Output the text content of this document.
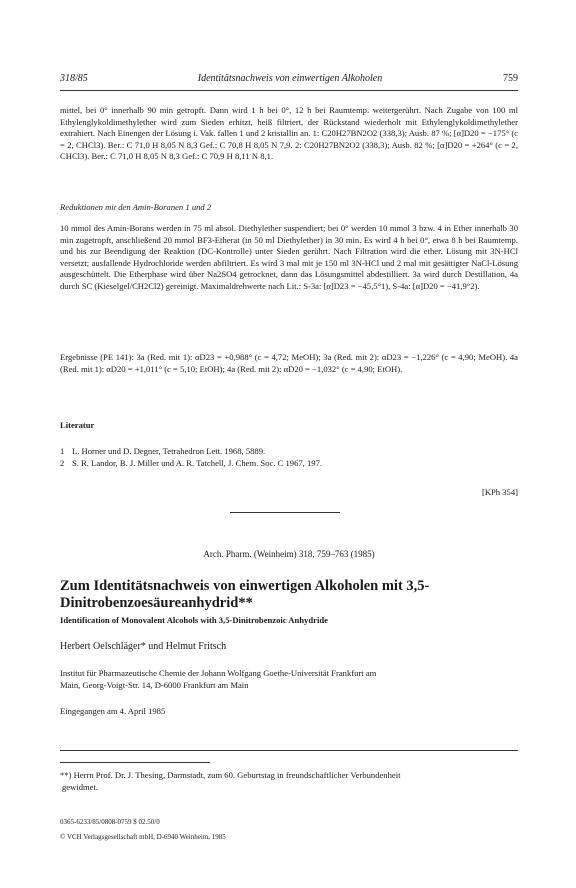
318/85	Identitätsnachweis von einwertigen Alkoholen	759

mittel, bei 0° innerhalb 90 min getropft. Dann wird 1 h bei 0°, 12 h bei Raumtemp. weitergerührt. Nach Zugabe von 100 ml Ethylenglykoldimethylether wird zum Sieden erhitzt, heiß filtriert, der Rückstand wiederholt mit Ethylenglykoldimethylether extrahiert. Nach Einengen der Lösung i. Vak. fallen 1 und 2 kristallin an. 1: C20H27BN2O2 (338,3); Ausb. 87 %; [α]D20 = −175° (c = 2, CHCl3). Ber.: C 71,0 H 8,05 N 8,3 Gef.: C 70,8 H 8,05 N 7,9. 2: C20H27BN2O2 (338,3); Ausb. 82 %; [α]D20 = +264° (c = 2, CHCl3). Ber.: C 71,0 H 8,05 N 8,3 Gef.: C 70,9 H 8,11 N 8,1.

Reduktionen mit den Amin-Boranen 1 und 2

10 mmol des Amin-Borans werden in 75 ml absol. Diethylether suspendiert; bei 0° werden 10 mmol 3 bzw. 4 in Ether innerhalb 30 min zugetropft, anschließend 20 mmol BF3-Etherat (in 50 ml Diethylether) in 30 min. Es wird 4 h bei 0°, etwa 8 h bei Raumtemp. und bis zur Beendigung der Reaktion (DC-Kontrolle) unter Sieden gerührt. Nach Filtration wird die ether. Lösung mit 3N-HCl versetzt; ausfallende Hydrochloride werden abfiltriert. Es wird 3 mal mit je 150 ml 3N-HCl und 2 mal mit gesättigter NaCl-Lösung ausgeschüttelt. Die Etherphase wird über Na2SO4 getrocknet, dann das Lösungsmittel abdestilliert. 3a wird durch Destillation, 4a durch SC (Kieselgel/CH2Cl2) gereinigt. Maximaldrehwerte nach Lit.: S-3a: [α]D23 = −45,5°1), S-4a: [α]D20 = −41,9°2).

Ergebnisse (PE 141): 3a (Red. mit 1): αD23 = +0,988° (c = 4,72; MeOH); 3a (Red. mit 2): αD23 = −1,226° (c = 4,90; MeOH). 4a (Red. mit 1): αD20 = +1,011° (c = 5,10; EtOH); 4a (Red. mit 2): αD20 = −1,032° (c = 4,90; EtOH).

Literatur
1 L. Horner und D. Degner, Tetrahedron Lett. 1968, 5889.
2 S. R. Landor, B. J. Miller und A. R. Tatchell, J. Chem. Soc. C 1967, 197.
[KPh 354]
Arch. Pharm. (Weinheim) 318, 759–763 (1985)
Zum Identitätsnachweis von einwertigen Alkoholen mit 3,5-
Dinitrobenzoesäureanhydrid**
Identification of Monovalent Alcohols with 3,5-Dinitrobenzoic Anhydride
Herbert Oelschläger* und Helmut Fritsch
Institut für Pharmazeutische Chemie der Johann Wolfgang Goethe-Universität Frankfurt am
Main, Georg-Voigt-Str. 14, D-6000 Frankfurt am Main
Eingegangen am 4. April 1985
**) Herrn Prof. Dr. J. Thesing, Darmstadt, zum 60. Geburtstag in freundschaftlicher Verbundenheit
gewidmet.
0365-6233/85/0808-0759 $ 02.50/0
© VCH Verlagsgesellschaft mbH, D-6940 Weinheim, 1985
